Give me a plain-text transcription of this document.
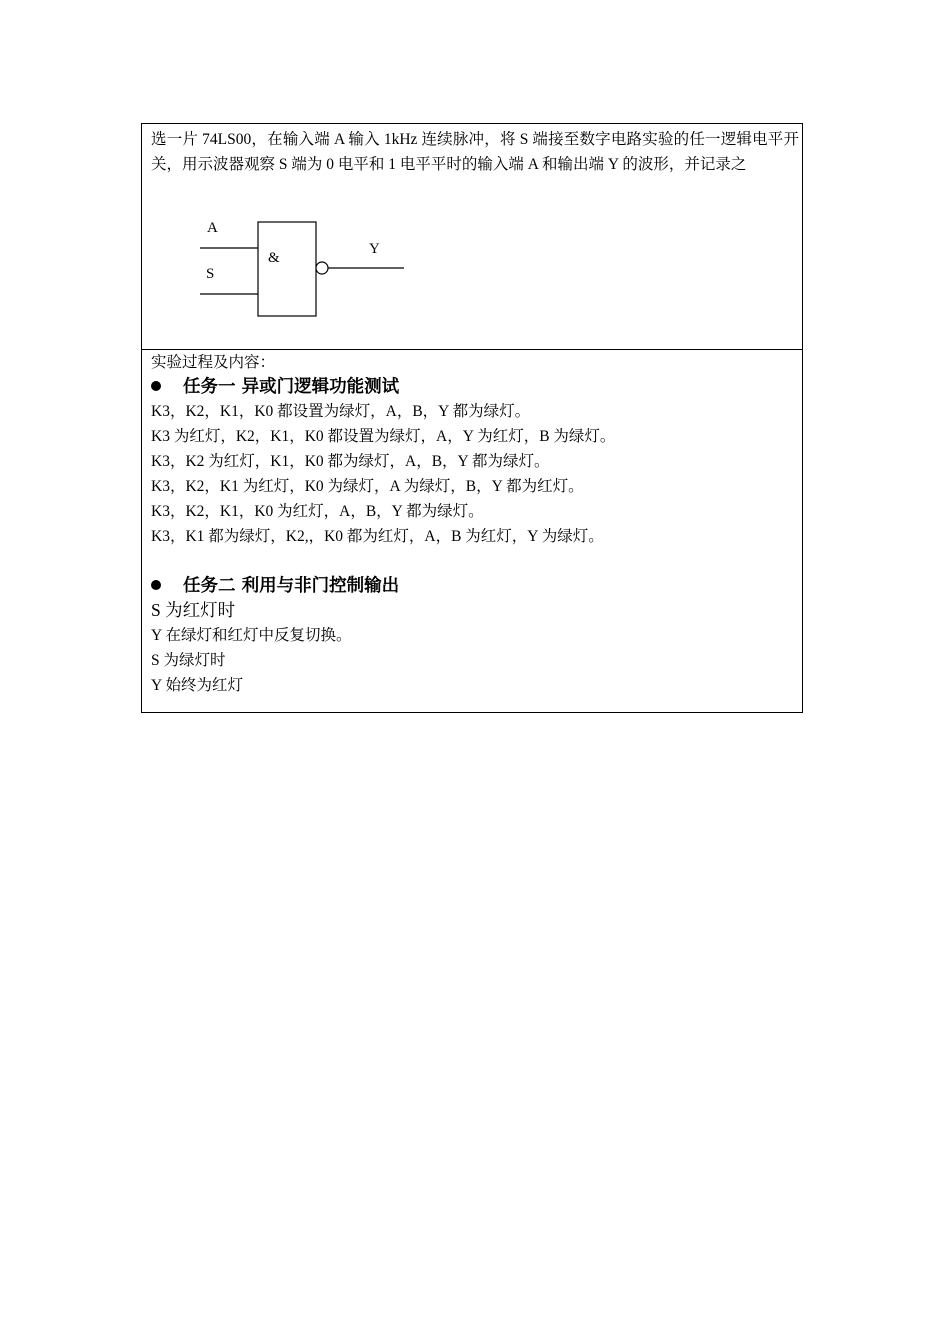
选一片 74LS00，在输入端 A 输入 1kHz 连续脉冲，将 S 端接至数字电路实验的任一逻辑电平开关，用示波器观察 S 端为 0 电平和 1 电平平时的输入端 A 和输出端 Y 的波形，并记录之

A
S
&
Y

实验过程及内容：

任务一 异或门逻辑功能测试

K3，K2，K1，K0 都设置为绿灯，A，B，Y 都为绿灯。

K3 为红灯，K2，K1，K0 都设置为绿灯，A，Y 为红灯，B 为绿灯。

K3，K2 为红灯，K1，K0 都为绿灯，A，B，Y 都为绿灯。

K3，K2，K1 为红灯，K0 为绿灯，A 为绿灯，B，Y 都为红灯。

K3，K2，K1，K0 为红灯，A，B，Y 都为绿灯。

K3，K1 都为绿灯，K2,，K0 都为红灯，A，B 为红灯，Y 为绿灯。

任务二 利用与非门控制输出

S 为红灯时

Y 在绿灯和红灯中反复切换。

S 为绿灯时

Y 始终为红灯
